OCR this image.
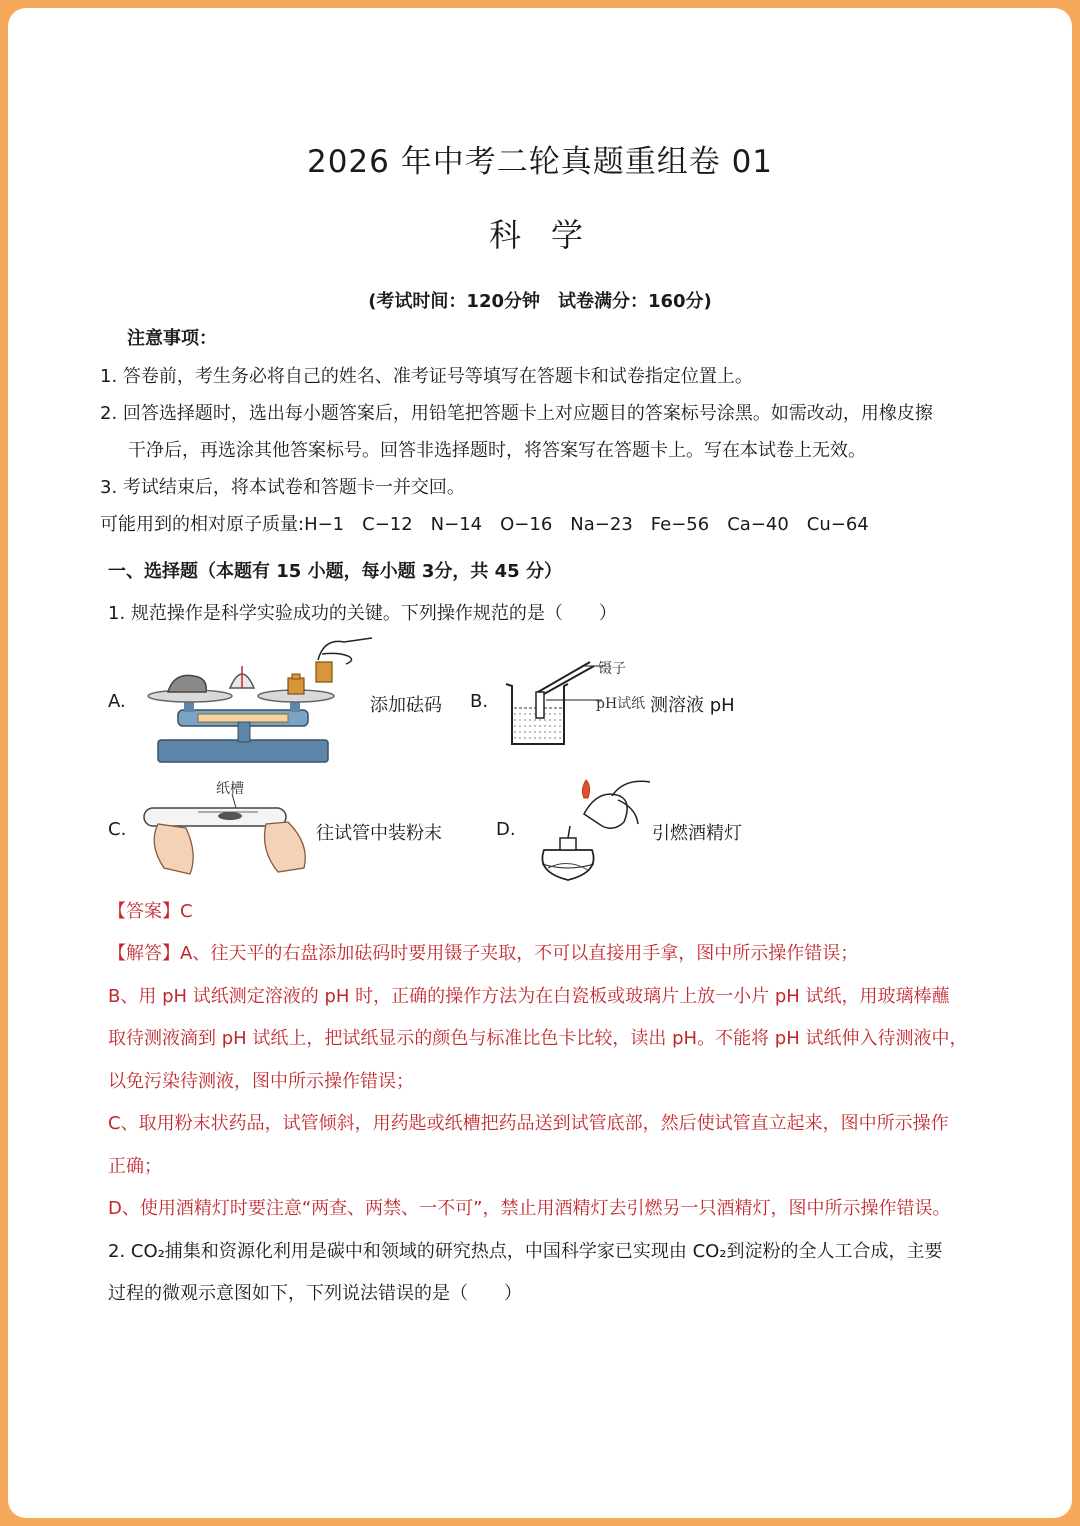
2026 年中考二轮真题重组卷 01
科学
(考试时间：120分钟　试卷满分：160分)
注意事项：
1. 答卷前，考生务必将自己的姓名、准考证号等填写在答题卡和试卷指定位置上。
2. 回答选择题时，选出每小题答案后，用铅笔把答题卡上对应题目的答案标号涂黑。如需改动，用橡皮擦
干净后，再选涂其他答案标号。回答非选择题时，将答案写在答题卡上。写在本试卷上无效。
3. 考试结束后，将本试卷和答题卡一并交回。
可能用到的相对原子质量:H−1　C−12　N−14　O−16　Na−23　Fe−56　Ca−40　Cu−64
一、选择题（本题有 15 小题，每小题 3分，共 45 分）
1. 规范操作是科学实验成功的关键。下列操作规范的是（　　）
A.	添加砝码 B.
镊子
pH试纸 测溶液 pH
C.
纸槽
往试管中装粉末	D.	引燃酒精灯
【答案】C
【解答】A、往天平的右盘添加砝码时要用镊子夹取，不可以直接用手拿，图中所示操作错误；
B、用 pH 试纸测定溶液的 pH 时，正确的操作方法为在白瓷板或玻璃片上放一小片 pH 试纸，用玻璃棒蘸
取待测液滴到 pH 试纸上，把试纸显示的颜色与标准比色卡比较，读出 pH。不能将 pH 试纸伸入待测液中，
以免污染待测液，图中所示操作错误；
C、取用粉末状药品，试管倾斜，用药匙或纸槽把药品送到试管底部，然后使试管直立起来，图中所示操作
正确；
D、使用酒精灯时要注意“两查、两禁、一不可”，禁止用酒精灯去引燃另一只酒精灯，图中所示操作错误。
2. CO₂捕集和资源化利用是碳中和领域的研究热点，中国科学家已实现由 CO₂到淀粉的全人工合成，主要
过程的微观示意图如下，下列说法错误的是（　　）
